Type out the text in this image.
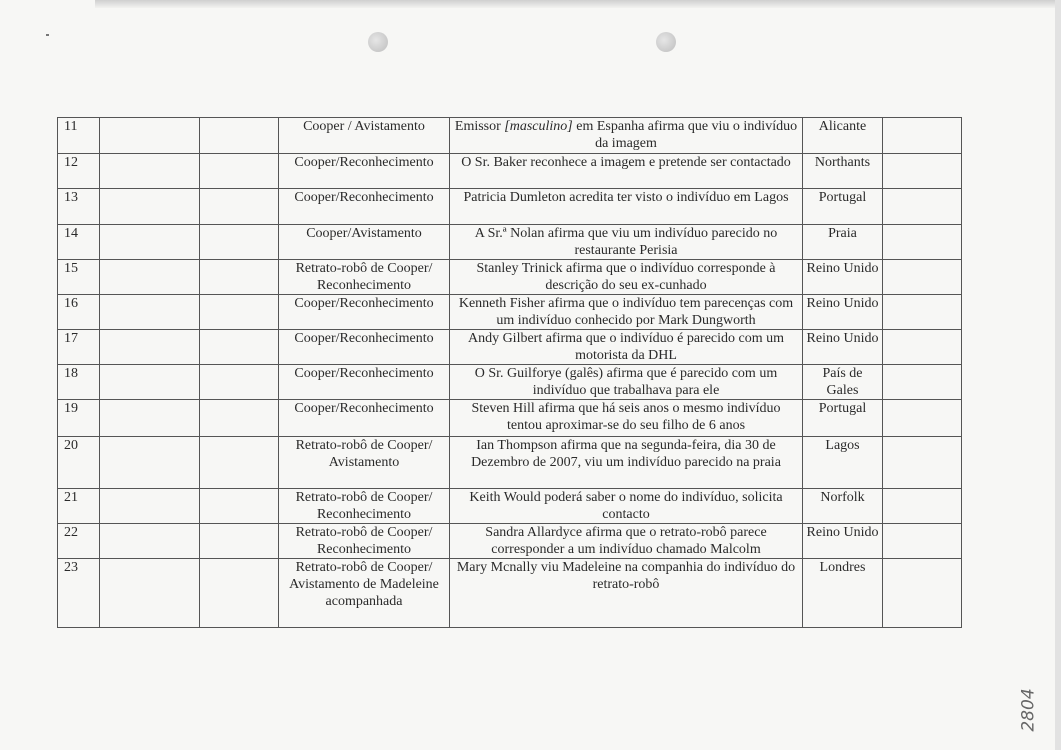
11			Cooper / Avistamento	Emissor [masculino] em Espanha afirma que viu o indivíduo da imagem	Alicante	
12			Cooper/Reconhecimento	O Sr. Baker reconhece a imagem e pretende ser contactado	Northants	
13			Cooper/Reconhecimento	Patricia Dumleton acredita ter visto o indivíduo em Lagos	Portugal	
14			Cooper/Avistamento	A Sr.ª Nolan afirma que viu um indivíduo parecido no restaurante Perisia	Praia	
15			Retrato-robô de Cooper/ Reconhecimento	Stanley Trinick afirma que o indivíduo corresponde à descrição do seu ex-cunhado	Reino Unido	
16			Cooper/Reconhecimento	Kenneth Fisher afirma que o indivíduo tem parecenças com um indivíduo conhecido por Mark Dungworth	Reino Unido	
17			Cooper/Reconhecimento	Andy Gilbert afirma que o indivíduo é parecido com um motorista da DHL	Reino Unido	
18			Cooper/Reconhecimento	O Sr. Guilforye (galês) afirma que é parecido com um indivíduo que trabalhava para ele	País de Gales	
19			Cooper/Reconhecimento	Steven Hill afirma que há seis anos o mesmo indivíduo tentou aproximar-se do seu filho de 6 anos	Portugal	
20			Retrato-robô de Cooper/ Avistamento	Ian Thompson afirma que na segunda-feira, dia 30 de Dezembro de 2007, viu um indivíduo parecido na praia	Lagos	
21			Retrato-robô de Cooper/ Reconhecimento	Keith Would poderá saber o nome do indivíduo, solicita contacto	Norfolk	
22			Retrato-robô de Cooper/ Reconhecimento	Sandra Allardyce afirma que o retrato-robô parece corresponder a um indivíduo chamado Malcolm	Reino Unido	
23			Retrato-robô de Cooper/ Avistamento de Madeleine acompanhada	Mary Mcnally viu Madeleine na companhia do indivíduo do retrato-robô	Londres	
2804
